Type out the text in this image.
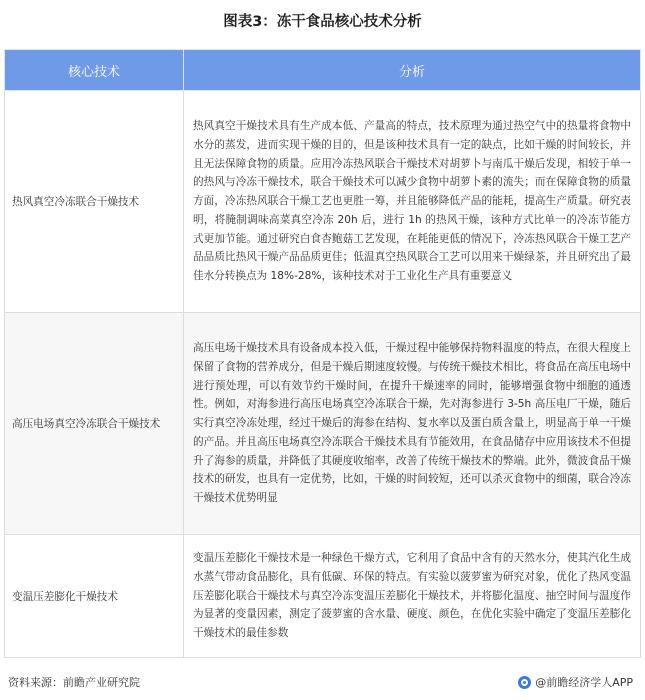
图表3：冻干食品核心技术分析
核心技术	分析
热风真空冷冻联合干燥技术	热风真空干燥技术具有生产成本低、产量高的特点，技术原理为通过热空气中的热量将食物中水分的蒸发，进而实现干燥的目的，但是该种技术具有一定的缺点，比如干燥的时间较长，并且无法保障食物的质量。应用冷冻热风联合干燥技术对胡萝卜与南瓜干燥后发现，相较于单一的热风与冷冻干燥技术，联合干燥技术可以减少食物中胡萝卜素的流失；而在保障食物的质量方面，冷冻热风联合干燥工艺也更胜一筹，并且能够降低产品的能耗，提高生产质量。研究表明，将腌制调味高菜真空冷冻 20h 后，进行 1h 的热风干燥，该种方式比单一的冷冻节能方式更加节能。通过研究白食杏鲍菇工艺发现，在耗能更低的情况下，冷冻热风联合干燥工艺产品品质比热风干燥产品品质更佳；低温真空热风联合工艺可以用来干燥绿茶，并且研究出了最佳水分转换点为 18%-28%，该种技术对于工业化生产具有重要意义
高压电场真空冷冻联合干燥技术	高压电场干燥技术具有设备成本投入低，干燥过程中能够保持物料温度的特点，在很大程度上保留了食物的营养成分，但是干燥后期速度较慢。与传统干燥技术相比，将食品在高压电场中进行预处理，可以有效节约干燥时间，在提升干燥速率的同时，能够增强食物中细胞的通透性。例如，对海参进行高压电场真空冷冻联合干燥，先对海参进行 3-5h 高压电厂干燥，随后实行真空冷冻处理，经过干燥后的海参在结构、复水率以及蛋白质含量上，明显高于单一干燥的产品。并且高压电场真空冷冻联合干燥技术具有节能效用，在食品储存中应用该技术不但提升了海参的质量，并降低了其硬度收缩率，改善了传统干燥技术的弊端。此外，微波食品干燥技术的研发，也具有一定优势，比如，干燥的时间较短，还可以杀灭食物中的细菌，联合冷冻干燥技术优势明显
变温压差膨化干燥技术	变温压差膨化干燥技术是一种绿色干燥方式，它利用了食品中含有的天然水分，使其汽化生成水蒸气带动食品膨化，具有低碳、环保的特点。有实验以菠萝蜜为研究对象，优化了热风变温压差膨化联合干燥技术与真空冷冻变温压差膨化干燥技术，并将膨化温度、抽空时间与温度作为显著的变量因素，测定了菠萝蜜的含水量、硬度、颜色，在优化实验中确定了变温压差膨化干燥技术的最佳参数
资料来源：前瞻产业研究院	@前瞻经济学人APP
